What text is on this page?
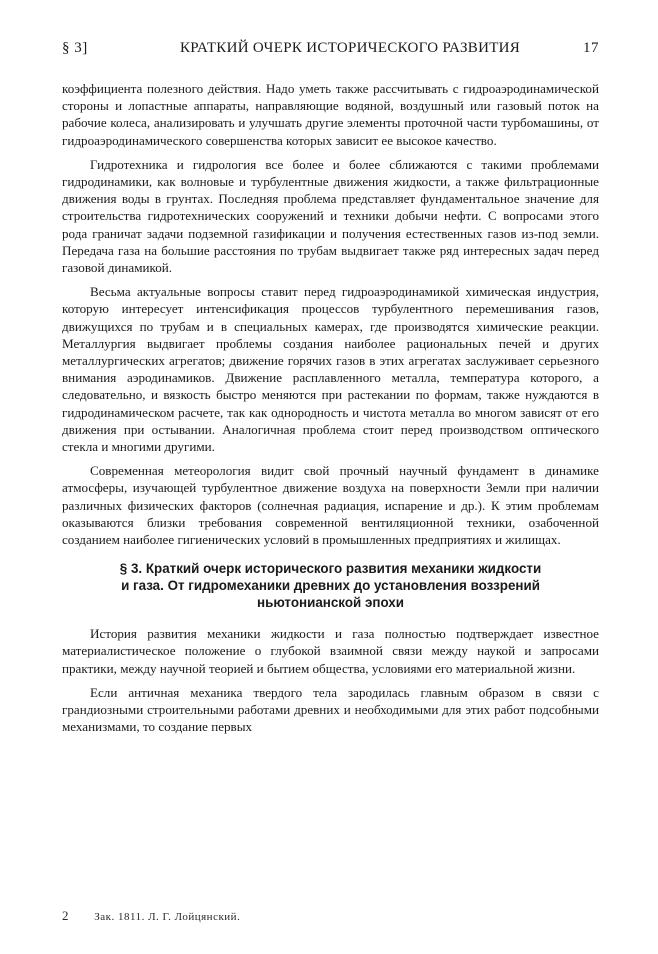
§ 3]	КРАТКИЙ ОЧЕРК ИСТОРИЧЕСКОГО РАЗВИТИЯ	17

коэффициента полезного действия. Надо уметь также рассчитывать с гидроаэродинамической стороны и лопастные аппараты, направляющие водяной, воздушный или газовый поток на рабочие колеса, анализировать и улучшать другие элементы проточной части турбомашины, от гидроаэродинамического совершенства которых зависит ее высокое качество.

Гидротехника и гидрология все более и более сближаются с такими проблемами гидродинамики, как волновые и турбулентные движения жидкости, а также фильтрационные движения воды в грунтах. Последняя проблема представляет фундаментальное значение для строительства гидротехнических сооружений и техники добычи нефти. С вопросами этого рода граничат задачи подземной газификации и получения естественных газов из-под земли. Передача газа на большие расстояния по трубам выдвигает также ряд интересных задач перед газовой динамикой.

Весьма актуальные вопросы ставит перед гидроаэродинамикой химическая индустрия, которую интересует интенсификация процессов турбулентного перемешивания газов, движущихся по трубам и в специальных камерах, где производятся химические реакции. Металлургия выдвигает проблемы создания наиболее рациональных печей и других металлургических агрегатов; движение горячих газов в этих агрегатах заслуживает серьезного внимания аэродинамиков. Движение расплавленного металла, температура которого, а следовательно, и вязкость быстро меняются при растекании по формам, также нуждаются в гидродинамическом расчете, так как однородность и чистота металла во многом зависят от его движения при остывании. Аналогичная проблема стоит перед производством оптического стекла и многими другими.

Современная метеорология видит свой прочный научный фундамент в динамике атмосферы, изучающей турбулентное движение воздуха на поверхности Земли при наличии различных физических факторов (солнечная радиация, испарение и др.). К этим проблемам оказываются близки требования современной вентиляционной техники, озабоченной созданием наиболее гигиенических условий в промышленных предприятиях и жилищах.

§ 3. Краткий очерк исторического развития механики жидкости
и газа. От гидромеханики древних до установления воззрений
ньютонианской эпохи

История развития механики жидкости и газа полностью подтверждает известное материалистическое положение о глубокой взаимной связи между наукой и запросами практики, между научной теорией и бытием общества, условиями его материальной жизни.

Если античная механика твердого тела зародилась главным образом в связи с грандиозными строительными работами древних и необходимыми для этих работ подсобными механизмами, то создание первых

2 Зак. 1811. Л. Г. Лойцянский.
